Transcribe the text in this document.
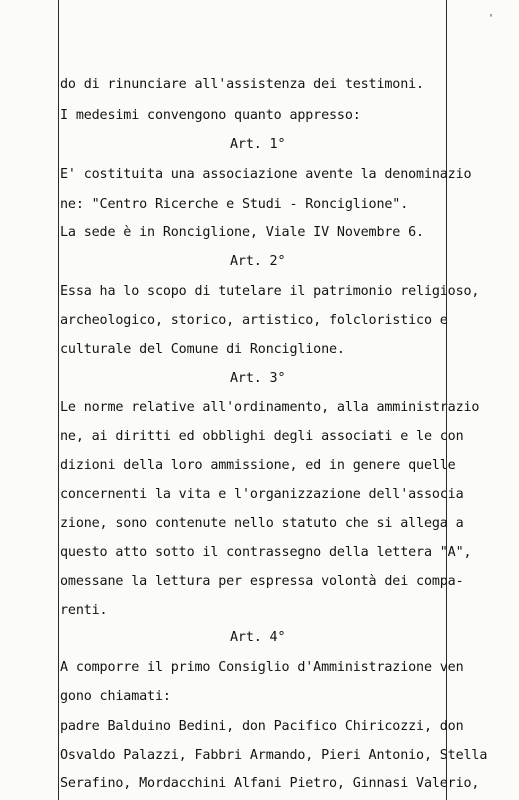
'
do di rinunciare all'assistenza dei testimoni.
I medesimi convengono quanto appresso:
Art. 1°
E' costituita una associazione avente la denominazio
ne: "Centro Ricerche e Studi - Ronciglione".
La sede è in Ronciglione, Viale IV Novembre 6.
Art. 2°
Essa ha lo scopo di tutelare il patrimonio religioso,
archeologico, storico, artistico, folcloristico e
culturale del Comune di Ronciglione.
Art. 3°
Le norme relative all'ordinamento, alla amministrazio
ne, ai diritti ed obblighi degli associati e le con
dizioni della loro ammissione, ed in genere quelle
concernenti la vita e l'organizzazione dell'associa
zione, sono contenute nello statuto che si allega a
questo atto sotto il contrassegno della lettera "A",
omessane la lettura per espressa volontà dei compa-
renti.
Art. 4°
A comporre il primo Consiglio d'Amministrazione ven
gono chiamati:
padre Balduino Bedini, don Pacifico Chiricozzi, don
Osvaldo Palazzi, Fabbri Armando, Pieri Antonio, Stella
Serafino, Mordacchini Alfani Pietro, Ginnasi Valerio,
